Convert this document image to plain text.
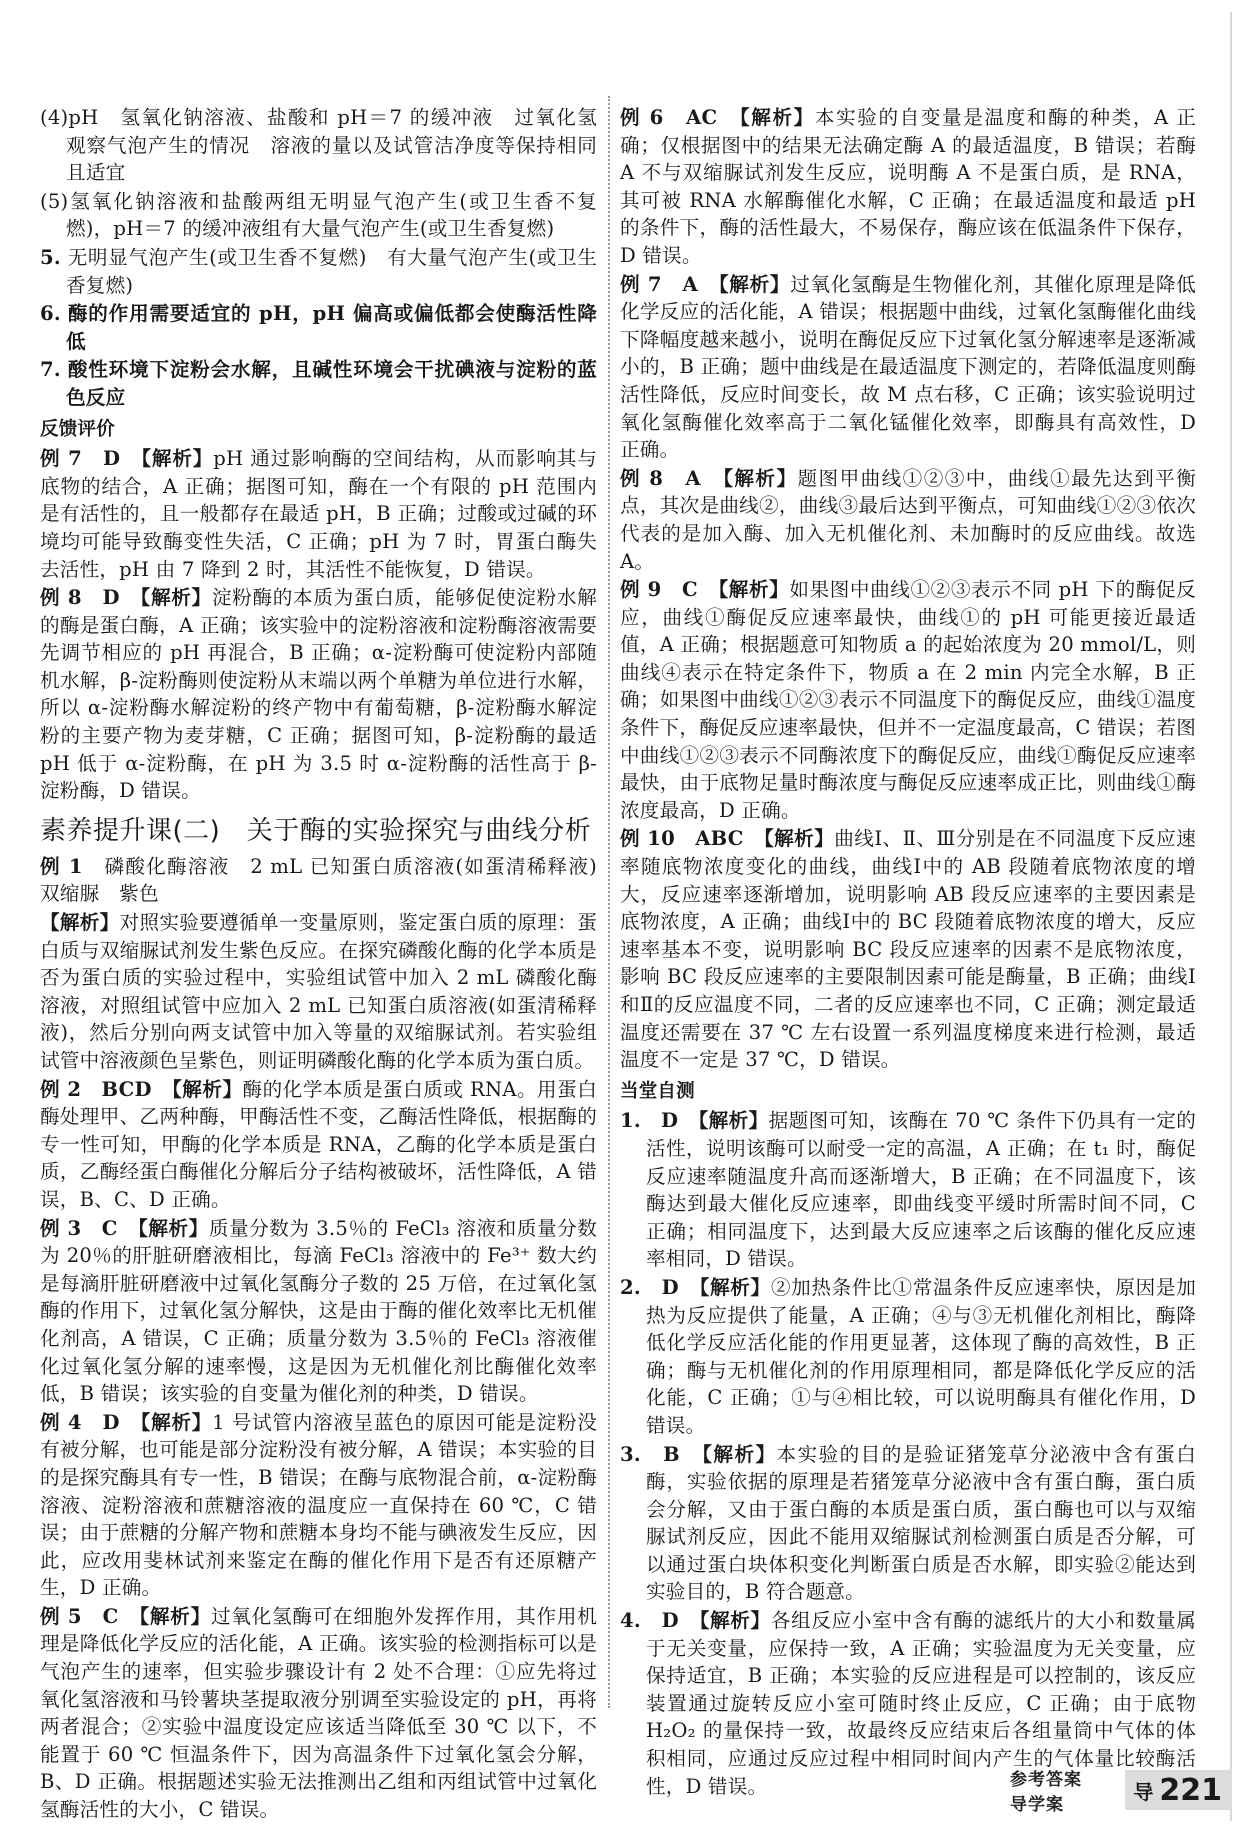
(4)pH　氢氧化钠溶液、盐酸和 pH＝7 的缓冲液　过氧化氢　观察气泡产生的情况　溶液的量以及试管洁净度等保持相同且适宜
(5)氢氧化钠溶液和盐酸两组无明显气泡产生(或卫生香不复燃)，pH＝7 的缓冲液组有大量气泡产生(或卫生香复燃)
5. 无明显气泡产生(或卫生香不复燃)　有大量气泡产生(或卫生香复燃)
6. 酶的作用需要适宜的 pH，pH 偏高或偏低都会使酶活性降低
7. 酸性环境下淀粉会水解，且碱性环境会干扰碘液与淀粉的蓝色反应
反馈评价
例 7　D　【解析】pH 通过影响酶的空间结构，从而影响其与底物的结合，A 正确；据图可知，酶在一个有限的 pH 范围内是有活性的，且一般都存在最适 pH，B 正确；过酸或过碱的环境均可能导致酶变性失活，C 正确；pH 为 7 时，胃蛋白酶失去活性，pH 由 7 降到 2 时，其活性不能恢复，D 错误。
例 8　D　【解析】淀粉酶的本质为蛋白质，能够促使淀粉水解的酶是蛋白酶，A 正确；该实验中的淀粉溶液和淀粉酶溶液需要先调节相应的 pH 再混合，B 正确；α-淀粉酶可使淀粉内部随机水解，β-淀粉酶则使淀粉从末端以两个单糖为单位进行水解，所以 α-淀粉酶水解淀粉的终产物中有葡萄糖，β-淀粉酶水解淀粉的主要产物为麦芽糖，C 正确；据图可知，β-淀粉酶的最适 pH 低于 α-淀粉酶，在 pH 为 3.5 时 α-淀粉酶的活性高于 β-淀粉酶，D 错误。
素养提升课(二)　关于酶的实验探究与曲线分析
例 1　磷酸化酶溶液　2 mL 已知蛋白质溶液(如蛋清稀释液)　双缩脲　紫色
【解析】对照实验要遵循单一变量原则，鉴定蛋白质的原理：蛋白质与双缩脲试剂发生紫色反应。在探究磷酸化酶的化学本质是否为蛋白质的实验过程中，实验组试管中加入 2 mL 磷酸化酶溶液，对照组试管中应加入 2 mL 已知蛋白质溶液(如蛋清稀释液)，然后分别向两支试管中加入等量的双缩脲试剂。若实验组试管中溶液颜色呈紫色，则证明磷酸化酶的化学本质为蛋白质。
例 2　BCD　【解析】酶的化学本质是蛋白质或 RNA。用蛋白酶处理甲、乙两种酶，甲酶活性不变，乙酶活性降低，根据酶的专一性可知，甲酶的化学本质是 RNA，乙酶的化学本质是蛋白质，乙酶经蛋白酶催化分解后分子结构被破坏，活性降低，A 错误，B、C、D 正确。
例 3　C　【解析】质量分数为 3.5％的 FeCl₃ 溶液和质量分数为 20％的肝脏研磨液相比，每滴 FeCl₃ 溶液中的 Fe³⁺ 数大约是每滴肝脏研磨液中过氧化氢酶分子数的 25 万倍，在过氧化氢酶的作用下，过氧化氢分解快，这是由于酶的催化效率比无机催化剂高，A 错误，C 正确；质量分数为 3.5％的 FeCl₃ 溶液催化过氧化氢分解的速率慢，这是因为无机催化剂比酶催化效率低，B 错误；该实验的自变量为催化剂的种类，D 错误。
例 4　D　【解析】1 号试管内溶液呈蓝色的原因可能是淀粉没有被分解，也可能是部分淀粉没有被分解，A 错误；本实验的目的是探究酶具有专一性，B 错误；在酶与底物混合前，α-淀粉酶溶液、淀粉溶液和蔗糖溶液的温度应一直保持在 60 ℃，C 错误；由于蔗糖的分解产物和蔗糖本身均不能与碘液发生反应，因此，应改用斐林试剂来鉴定在酶的催化作用下是否有还原糖产生，D 正确。
例 5　C　【解析】过氧化氢酶可在细胞外发挥作用，其作用机理是降低化学反应的活化能，A 正确。该实验的检测指标可以是气泡产生的速率，但实验步骤设计有 2 处不合理：①应先将过氧化氢溶液和马铃薯块茎提取液分别调至实验设定的 pH，再将两者混合；②实验中温度设定应该适当降低至 30 ℃ 以下，不能置于 60 ℃ 恒温条件下，因为高温条件下过氧化氢会分解，B、D 正确。根据题述实验无法推测出乙组和丙组试管中过氧化氢酶活性的大小，C 错误。
例 6　AC　【解析】本实验的自变量是温度和酶的种类，A 正确；仅根据图中的结果无法确定酶 A 的最适温度，B 错误；若酶 A 不与双缩脲试剂发生反应，说明酶 A 不是蛋白质，是 RNA，其可被 RNA 水解酶催化水解，C 正确；在最适温度和最适 pH 的条件下，酶的活性最大，不易保存，酶应该在低温条件下保存，D 错误。
例 7　A　【解析】过氧化氢酶是生物催化剂，其催化原理是降低化学反应的活化能，A 错误；根据题中曲线，过氧化氢酶催化曲线下降幅度越来越小，说明在酶促反应下过氧化氢分解速率是逐渐减小的，B 正确；题中曲线是在最适温度下测定的，若降低温度则酶活性降低，反应时间变长，故 M 点右移，C 正确；该实验说明过氧化氢酶催化效率高于二氧化锰催化效率，即酶具有高效性，D 正确。
例 8　A　【解析】题图甲曲线①②③中，曲线①最先达到平衡点，其次是曲线②，曲线③最后达到平衡点，可知曲线①②③依次代表的是加入酶、加入无机催化剂、未加酶时的反应曲线。故选 A。
例 9　C　【解析】如果图中曲线①②③表示不同 pH 下的酶促反应，曲线①酶促反应速率最快，曲线①的 pH 可能更接近最适值，A 正确；根据题意可知物质 a 的起始浓度为 20 mmol/L，则曲线④表示在特定条件下，物质 a 在 2 min 内完全水解，B 正确；如果图中曲线①②③表示不同温度下的酶促反应，曲线①温度条件下，酶促反应速率最快，但并不一定温度最高，C 错误；若图中曲线①②③表示不同酶浓度下的酶促反应，曲线①酶促反应速率最快，由于底物足量时酶浓度与酶促反应速率成正比，则曲线①酶浓度最高，D 正确。
例 10　ABC　【解析】曲线Ⅰ、Ⅱ、Ⅲ分别是在不同温度下反应速率随底物浓度变化的曲线，曲线Ⅰ中的 AB 段随着底物浓度的增大，反应速率逐渐增加，说明影响 AB 段反应速率的主要因素是底物浓度，A 正确；曲线Ⅰ中的 BC 段随着底物浓度的增大，反应速率基本不变，说明影响 BC 段反应速率的因素不是底物浓度，影响 BC 段反应速率的主要限制因素可能是酶量，B 正确；曲线Ⅰ和Ⅱ的反应温度不同，二者的反应速率也不同，C 正确；测定最适温度还需要在 37 ℃ 左右设置一系列温度梯度来进行检测，最适温度不一定是 37 ℃，D 错误。
当堂自测
1.　D　【解析】据题图可知，该酶在 70 ℃ 条件下仍具有一定的活性，说明该酶可以耐受一定的高温，A 正确；在 t₁ 时，酶促反应速率随温度升高而逐渐增大，B 正确；在不同温度下，该酶达到最大催化反应速率，即曲线变平缓时所需时间不同，C 正确；相同温度下，达到最大反应速率之后该酶的催化反应速率相同，D 错误。
2.　D　【解析】②加热条件比①常温条件反应速率快，原因是加热为反应提供了能量，A 正确；④与③无机催化剂相比，酶降低化学反应活化能的作用更显著，这体现了酶的高效性，B 正确；酶与无机催化剂的作用原理相同，都是降低化学反应的活化能，C 正确；①与④相比较，可以说明酶具有催化作用，D 错误。
3.　B　【解析】本实验的目的是验证猪笼草分泌液中含有蛋白酶，实验依据的原理是若猪笼草分泌液中含有蛋白酶，蛋白质会分解，又由于蛋白酶的本质是蛋白质，蛋白酶也可以与双缩脲试剂反应，因此不能用双缩脲试剂检测蛋白质是否分解，可以通过蛋白块体积变化判断蛋白质是否水解，即实验②能达到实验目的，B 符合题意。
4.　D　【解析】各组反应小室中含有酶的滤纸片的大小和数量属于无关变量，应保持一致，A 正确；实验温度为无关变量，应保持适宜，B 正确；本实验的反应进程是可以控制的，该反应装置通过旋转反应小室可随时终止反应，C 正确；由于底物 H₂O₂ 的量保持一致，故最终反应结束后各组量筒中气体的体积相同，应通过反应过程中相同时间内产生的气体量比较酶活性，D 错误。	参考答案　导学案
导 221
